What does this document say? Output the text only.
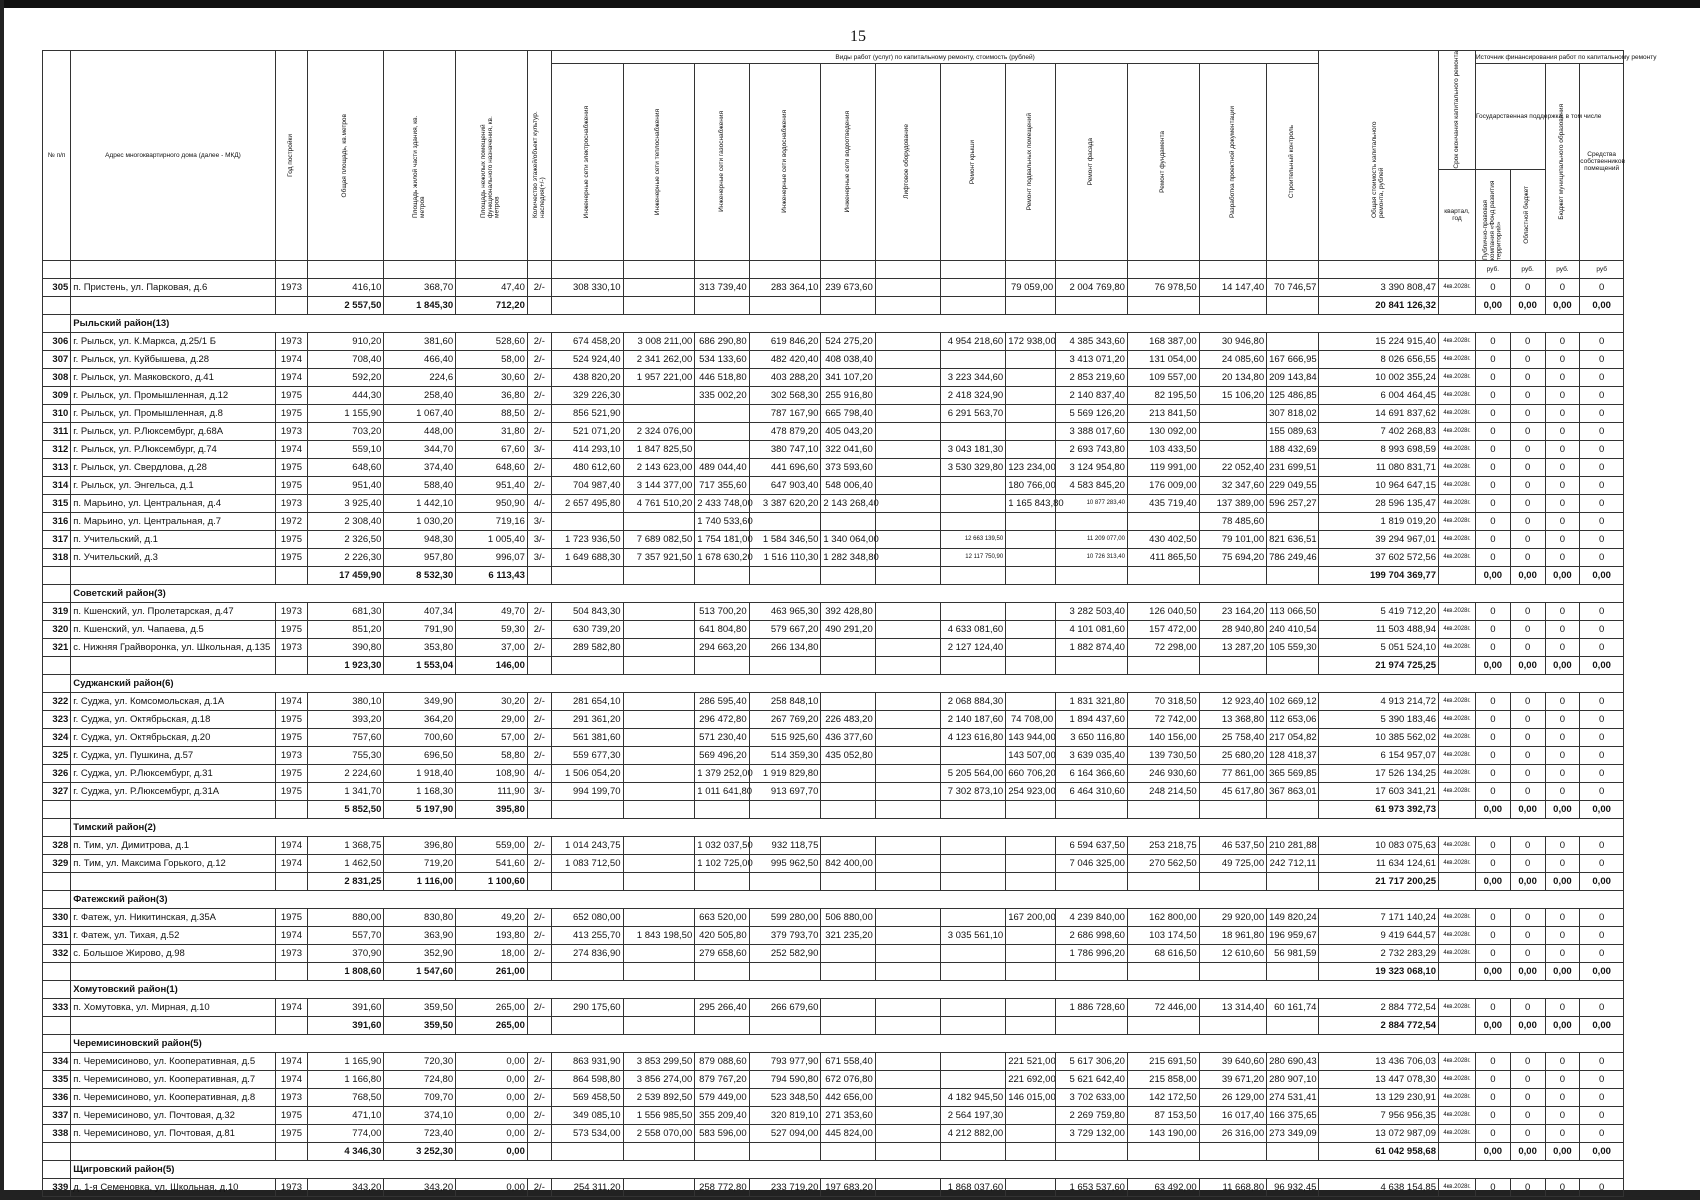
15
№ п/п	Адрес многоквартирного дома (далее - МКД)	Год постройки	Общая площадь, кв.метров	Площадь жилой части здания, кв. метров	Площадь нежилых помещений функционального назначения, кв. метров	Количество этажей/объект культур. наследия(+/-)	Виды работ (услуг) по капитальному ремонту, стоимость (рублей)												Общая стоимость капитального ремонта, рублей	Срок окончания капитального ремонта	Источник финансирования работ по капитальному ремонту			

							Инженерные сети электроснабжения	Инженерные сети теплоснабжения	Инженерные сети газоснабжения	Инженерные сети водоснабжения	Инженерные сети водоотведения	Лифтовое оборудование	Ремонт крыши	Ремонт подвальных помещений	Ремонт фасада	Ремонт фундамента	Разработка проектной документации	Строительный контроль			Государственная поддержка, в том числе		Бюджет муниципального образования	Средства собственников помещений
																				квартал, год	Публично-правовая компания «Фонд развития территорий»	Областной бюджет		

																					руб.	руб.	руб.	руб
305	п. Пристень, ул. Парковая, д.6	1973	416,10	368,70	47,40	2/-	308 330,10		313 739,40	283 364,10	239 673,60			79 059,00	2 004 769,80	76 978,50	14 147,40	70 746,57	3 390 808,47	4кв.2028г.	0	0	0	0
			2 557,50	1 845,30	712,20														20 841 126,32		0,00	0,00	0,00	0,00
	Рыльский район(13)																							
306	г. Рыльск, ул. К.Маркса, д.25/1 Б	1973	910,20	381,60	528,60	2/-	674 458,20	3 008 211,00	686 290,80	619 846,20	524 275,20		4 954 218,60	172 938,00	4 385 343,60	168 387,00	30 946,80		15 224 915,40	4кв.2028г.	0	0	0	0
307	г. Рыльск, ул. Куйбышева, д.28	1974	708,40	466,40	58,00	2/-	524 924,40	2 341 262,00	534 133,60	482 420,40	408 038,40				3 413 071,20	131 054,00	24 085,60	167 666,95	8 026 656,55	4кв.2028г.	0	0	0	0
308	г. Рыльск, ул. Маяковского, д.41	1974	592,20	224,6	30,60	2/-	438 820,20	1 957 221,00	446 518,80	403 288,20	341 107,20		3 223 344,60		2 853 219,60	109 557,00	20 134,80	209 143,84	10 002 355,24	4кв.2028г.	0	0	0	0
309	г. Рыльск, ул. Промышленная, д.12	1975	444,30	258,40	36,80	2/-	329 226,30		335 002,20	302 568,30	255 916,80		2 418 324,90		2 140 837,40	82 195,50	15 106,20	125 486,85	6 004 464,45	4кв.2028г.	0	0	0	0
310	г. Рыльск, ул. Промышленная, д.8	1975	1 155,90	1 067,40	88,50	2/-	856 521,90			787 167,90	665 798,40		6 291 563,70		5 569 126,20	213 841,50		307 818,02	14 691 837,62	4кв.2028г.	0	0	0	0
311	г. Рыльск, ул. Р.Люксембург, д.68А	1973	703,20	448,00	31,80	2/-	521 071,20	2 324 076,00		478 879,20	405 043,20				3 388 017,60	130 092,00		155 089,63	7 402 268,83	4кв.2028г.	0	0	0	0
312	г. Рыльск, ул. Р.Люксембург, д.74	1974	559,10	344,70	67,60	3/-	414 293,10	1 847 825,50		380 747,10	322 041,60		3 043 181,30		2 693 743,80	103 433,50		188 432,69	8 993 698,59	4кв.2028г.	0	0	0	0
313	г. Рыльск, ул. Свердлова, д.28	1975	648,60	374,40	648,60	2/-	480 612,60	2 143 623,00	489 044,40	441 696,60	373 593,60		3 530 329,80	123 234,00	3 124 954,80	119 991,00	22 052,40	231 699,51	11 080 831,71	4кв.2028г.	0	0	0	0
314	г. Рыльск, ул. Энгельса, д.1	1975	951,40	588,40	951,40	2/-	704 987,40	3 144 377,00	717 355,60	647 903,40	548 006,40			180 766,00	4 583 845,20	176 009,00	32 347,60	229 049,55	10 964 647,15	4кв.2028г.	0	0	0	0
315	п. Марьино, ул. Центральная, д.4	1973	3 925,40	1 442,10	950,90	4/-	2 657 495,80	4 761 510,20	2 433 748,00	3 387 620,20	2 143 268,40			1 165 843,80	10 877 283,40	435 719,40	137 389,00	596 257,27	28 596 135,47	4кв.2028г.	0	0	0	0
316	п. Марьино, ул. Центральная, д.7	1972	2 308,40	1 030,20	719,16	3/-			1 740 533,60								78 485,60		1 819 019,20	4кв.2028г.	0	0	0	0
317	п. Учительский, д.1	1975	2 326,50	948,30	1 005,40	3/-	1 723 936,50	7 689 082,50	1 754 181,00	1 584 346,50	1 340 064,00		12 663 139,50		11 209 077,00	430 402,50	79 101,00	821 636,51	39 294 967,01	4кв.2028г.	0	0	0	0
318	п. Учительский, д.3	1975	2 226,30	957,80	996,07	3/-	1 649 688,30	7 357 921,50	1 678 630,20	1 516 110,30	1 282 348,80		12 117 750,90		10 726 313,40	411 865,50	75 694,20	786 249,46	37 602 572,56	4кв.2028г.	0	0	0	0
			17 459,90	8 532,30	6 113,43														199 704 369,77		0,00	0,00	0,00	0,00
	Советский район(3)																							
319	п. Кшенский, ул. Пролетарская, д.47	1973	681,30	407,34	49,70	2/-	504 843,30		513 700,20	463 965,30	392 428,80				3 282 503,40	126 040,50	23 164,20	113 066,50	5 419 712,20	4кв.2028г.	0	0	0	0
320	п. Кшенский, ул. Чапаева, д.5	1975	851,20	791,90	59,30	2/-	630 739,20		641 804,80	579 667,20	490 291,20		4 633 081,60		4 101 081,60	157 472,00	28 940,80	240 410,54	11 503 488,94	4кв.2028г.	0	0	0	0
321	с. Нижняя Грайворонка, ул. Школьная, д.135	1973	390,80	353,80	37,00	2/-	289 582,80		294 663,20	266 134,80			2 127 124,40		1 882 874,40	72 298,00	13 287,20	105 559,30	5 051 524,10	4кв.2028г.	0	0	0	0
			1 923,30	1 553,04	146,00														21 974 725,25		0,00	0,00	0,00	0,00
	Суджанский район(6)																							
322	г. Суджа, ул. Комсомольская, д.1А	1974	380,10	349,90	30,20	2/-	281 654,10		286 595,40	258 848,10			2 068 884,30		1 831 321,80	70 318,50	12 923,40	102 669,12	4 913 214,72	4кв.2028г.	0	0	0	0
323	г. Суджа, ул. Октябрьская, д.18	1975	393,20	364,20	29,00	2/-	291 361,20		296 472,80	267 769,20	226 483,20		2 140 187,60	74 708,00	1 894 437,60	72 742,00	13 368,80	112 653,06	5 390 183,46	4кв.2028г.	0	0	0	0
324	г. Суджа, ул. Октябрьская, д.20	1975	757,60	700,60	57,00	2/-	561 381,60		571 230,40	515 925,60	436 377,60		4 123 616,80	143 944,00	3 650 116,80	140 156,00	25 758,40	217 054,82	10 385 562,02	4кв.2028г.	0	0	0	0
325	г. Суджа, ул. Пушкина, д.57	1973	755,30	696,50	58,80	2/-	559 677,30		569 496,20	514 359,30	435 052,80			143 507,00	3 639 035,40	139 730,50	25 680,20	128 418,37	6 154 957,07	4кв.2028г.	0	0	0	0
326	г. Суджа, ул. Р.Люксембург, д.31	1975	2 224,60	1 918,40	108,90	4/-	1 506 054,20		1 379 252,00	1 919 829,80			5 205 564,00	660 706,20	6 164 366,60	246 930,60	77 861,00	365 569,85	17 526 134,25	4кв.2028г.	0	0	0	0
327	г. Суджа, ул. Р.Люксембург, д.31А	1975	1 341,70	1 168,30	111,90	3/-	994 199,70		1 011 641,80	913 697,70			7 302 873,10	254 923,00	6 464 310,60	248 214,50	45 617,80	367 863,01	17 603 341,21	4кв.2028г.	0	0	0	0
			5 852,50	5 197,90	395,80														61 973 392,73		0,00	0,00	0,00	0,00
	Тимский район(2)																							
328	п. Тим, ул. Димитрова, д.1	1974	1 368,75	396,80	559,00	2/-	1 014 243,75		1 032 037,50	932 118,75					6 594 637,50	253 218,75	46 537,50	210 281,88	10 083 075,63	4кв.2028г.	0	0	0	0
329	п. Тим, ул. Максима Горького, д.12	1974	1 462,50	719,20	541,60	2/-	1 083 712,50		1 102 725,00	995 962,50	842 400,00				7 046 325,00	270 562,50	49 725,00	242 712,11	11 634 124,61	4кв.2028г.	0	0	0	0
			2 831,25	1 116,00	1 100,60														21 717 200,25		0,00	0,00	0,00	0,00
	Фатежский район(3)																							
330	г. Фатеж, ул. Никитинская, д.35А	1975	880,00	830,80	49,20	2/-	652 080,00		663 520,00	599 280,00	506 880,00			167 200,00	4 239 840,00	162 800,00	29 920,00	149 820,24	7 171 140,24	4кв.2028г.	0	0	0	0
331	г. Фатеж, ул. Тихая, д.52	1974	557,70	363,90	193,80	2/-	413 255,70	1 843 198,50	420 505,80	379 793,70	321 235,20		3 035 561,10		2 686 998,60	103 174,50	18 961,80	196 959,67	9 419 644,57	4кв.2028г.	0	0	0	0
332	с. Большое Жирово, д.98	1973	370,90	352,90	18,00	2/-	274 836,90		279 658,60	252 582,90					1 786 996,20	68 616,50	12 610,60	56 981,59	2 732 283,29	4кв.2028г.	0	0	0	0
			1 808,60	1 547,60	261,00														19 323 068,10		0,00	0,00	0,00	0,00
	Хомутовский район(1)																							
333	п. Хомутовка, ул. Мирная, д.10	1974	391,60	359,50	265,00	2/-	290 175,60		295 266,40	266 679,60					1 886 728,60	72 446,00	13 314,40	60 161,74	2 884 772,54	4кв.2028г.	0	0	0	0
			391,60	359,50	265,00														2 884 772,54		0,00	0,00	0,00	0,00
	Черемисиновский район(5)																							
334	п. Черемисиново, ул. Кооперативная, д.5	1974	1 165,90	720,30	0,00	2/-	863 931,90	3 853 299,50	879 088,60	793 977,90	671 558,40			221 521,00	5 617 306,20	215 691,50	39 640,60	280 690,43	13 436 706,03	4кв.2028г.	0	0	0	0
335	п. Черемисиново, ул. Кооперативная, д.7	1974	1 166,80	724,80	0,00	2/-	864 598,80	3 856 274,00	879 767,20	794 590,80	672 076,80			221 692,00	5 621 642,40	215 858,00	39 671,20	280 907,10	13 447 078,30	4кв.2028г.	0	0	0	0
336	п. Черемисиново, ул. Кооперативная, д.8	1973	768,50	709,70	0,00	2/-	569 458,50	2 539 892,50	579 449,00	523 348,50	442 656,00		4 182 945,50	146 015,00	3 702 633,00	142 172,50	26 129,00	274 531,41	13 129 230,91	4кв.2028г.	0	0	0	0
337	п. Черемисиново, ул. Почтовая, д.32	1975	471,10	374,10	0,00	2/-	349 085,10	1 556 985,50	355 209,40	320 819,10	271 353,60		2 564 197,30		2 269 759,80	87 153,50	16 017,40	166 375,65	7 956 956,35	4кв.2028г.	0	0	0	0
338	п. Черемисиново, ул. Почтовая, д.81	1975	774,00	723,40	0,00	2/-	573 534,00	2 558 070,00	583 596,00	527 094,00	445 824,00		4 212 882,00		3 729 132,00	143 190,00	26 316,00	273 349,09	13 072 987,09	4кв.2028г.	0	0	0	0
			4 346,30	3 252,30	0,00														61 042 958,68		0,00	0,00	0,00	0,00
	Щигровский район(5)																							
339	д. 1-я Семеновка, ул. Школьная, д.10	1973	343,20	343,20	0,00	2/-	254 311,20		258 772,80	233 719,20	197 683,20		1 868 037,60		1 653 537,60	63 492,00	11 668,80	96 932,45	4 638 154,85	4кв.2028г.	0	0	0	0
